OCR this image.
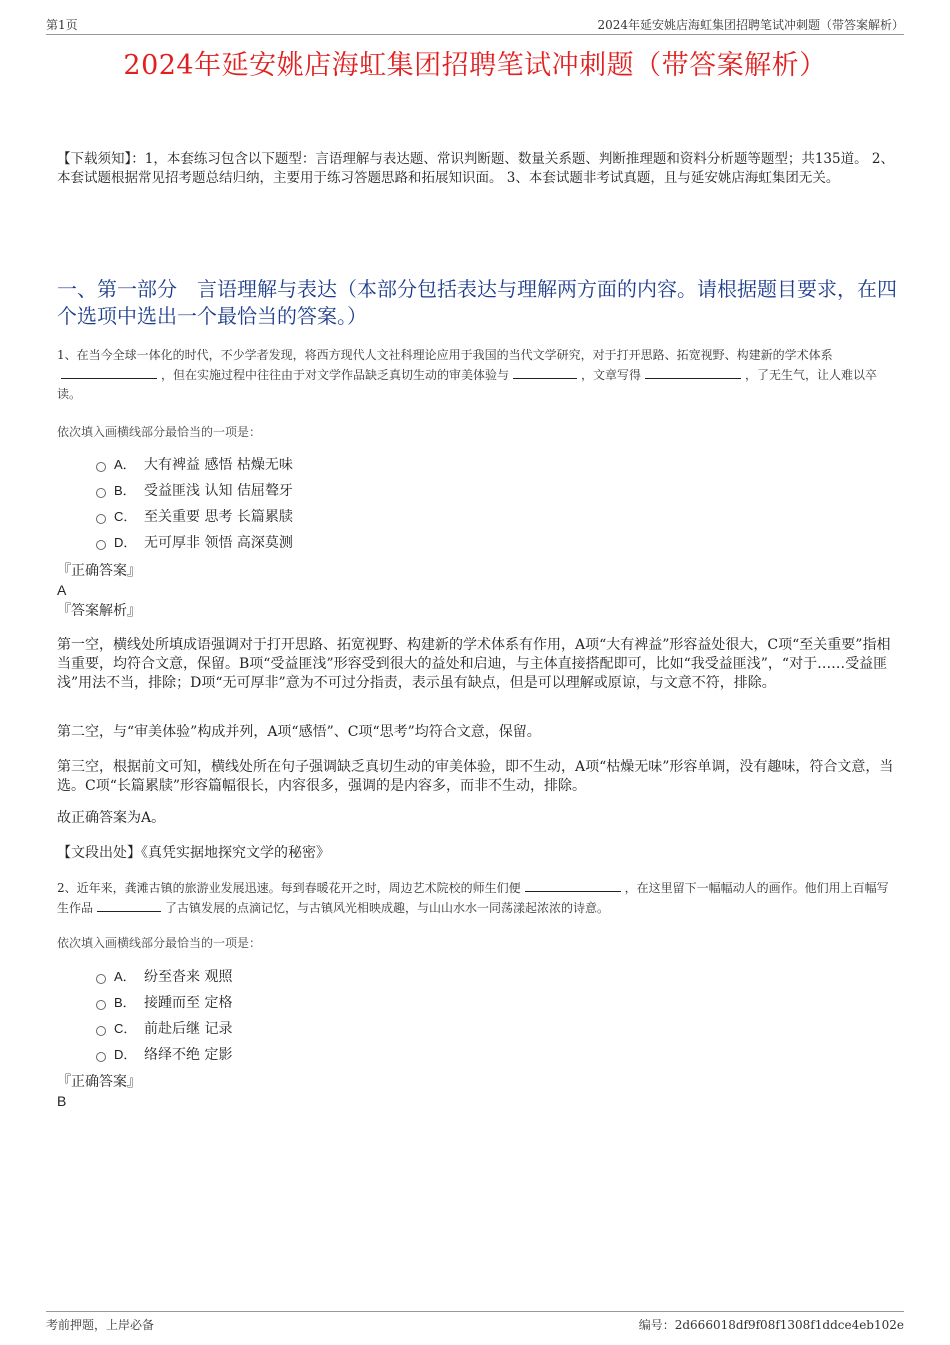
第1页	2024年延安姚店海虹集团招聘笔试冲刺题（带答案解析）
2024年延安姚店海虹集团招聘笔试冲刺题（带答案解析）
【下载须知】：1，本套练习包含以下题型：言语理解与表达题、常识判断题、数量关系题、判断推理题和资料分析题等题型；共135道。 2、本套试题根据常见招考题总结归纳，主要用于练习答题思路和拓展知识面。 3、本套试题非考试真题，且与延安姚店海虹集团无关。
一、第一部分　言语理解与表达（本部分包括表达与理解两方面的内容。请根据题目要求，在四个选项中选出一个最恰当的答案。）
1、在当今全球一体化的时代，不少学者发现，将西方现代人文社科理论应用于我国的当代文学研究，对于打开思路、拓宽视野、构建新的学术体系，但在实施过程中往往由于对文学作品缺乏真切生动的审美体验与	，文章写得	，了无生气，让人难以卒读。
依次填入画横线部分最恰当的一项是：
A． 大有裨益 感悟 枯燥无味
B． 受益匪浅 认知 佶屈聱牙
C． 至关重要 思考 长篇累牍
D． 无可厚非 领悟 高深莫测
『正确答案』
A
『答案解析』
第一空，横线处所填成语强调对于打开思路、拓宽视野、构建新的学术体系有作用，A项“大有裨益”形容益处很大，C项“至关重要”指相当重要，均符合文意，保留。B项“受益匪浅”形容受到很大的益处和启迪，与主体直接搭配即可，比如“我受益匪浅”，“对于……受益匪浅”用法不当，排除；D项“无可厚非”意为不可过分指责，表示虽有缺点，但是可以理解或原谅，与文意不符，排除。
第二空，与“审美体验”构成并列，A项“感悟”、C项“思考”均符合文意，保留。
第三空，根据前文可知，横线处所在句子强调缺乏真切生动的审美体验，即不生动，A项“枯燥无味”形容单调，没有趣味，符合文意，当选。C项“长篇累牍”形容篇幅很长，内容很多，强调的是内容多，而非不生动，排除。
故正确答案为A。
【文段出处】《真凭实据地探究文学的秘密》
2、近年来，龚滩古镇的旅游业发展迅速。每到春暖花开之时，周边艺术院校的师生们便	，在这里留下一幅幅动人的画作。他们用上百幅写生作品	了古镇发展的点滴记忆，与古镇风光相映成趣，与山山水水一同荡漾起浓浓的诗意。
依次填入画横线部分最恰当的一项是：
A． 纷至沓来 观照
B． 接踵而至 定格
C． 前赴后继 记录
D． 络绎不绝 定影
『正确答案』
B
考前押题，上岸必备	编号：2d666018df9f08f1308f1ddce4eb102e
